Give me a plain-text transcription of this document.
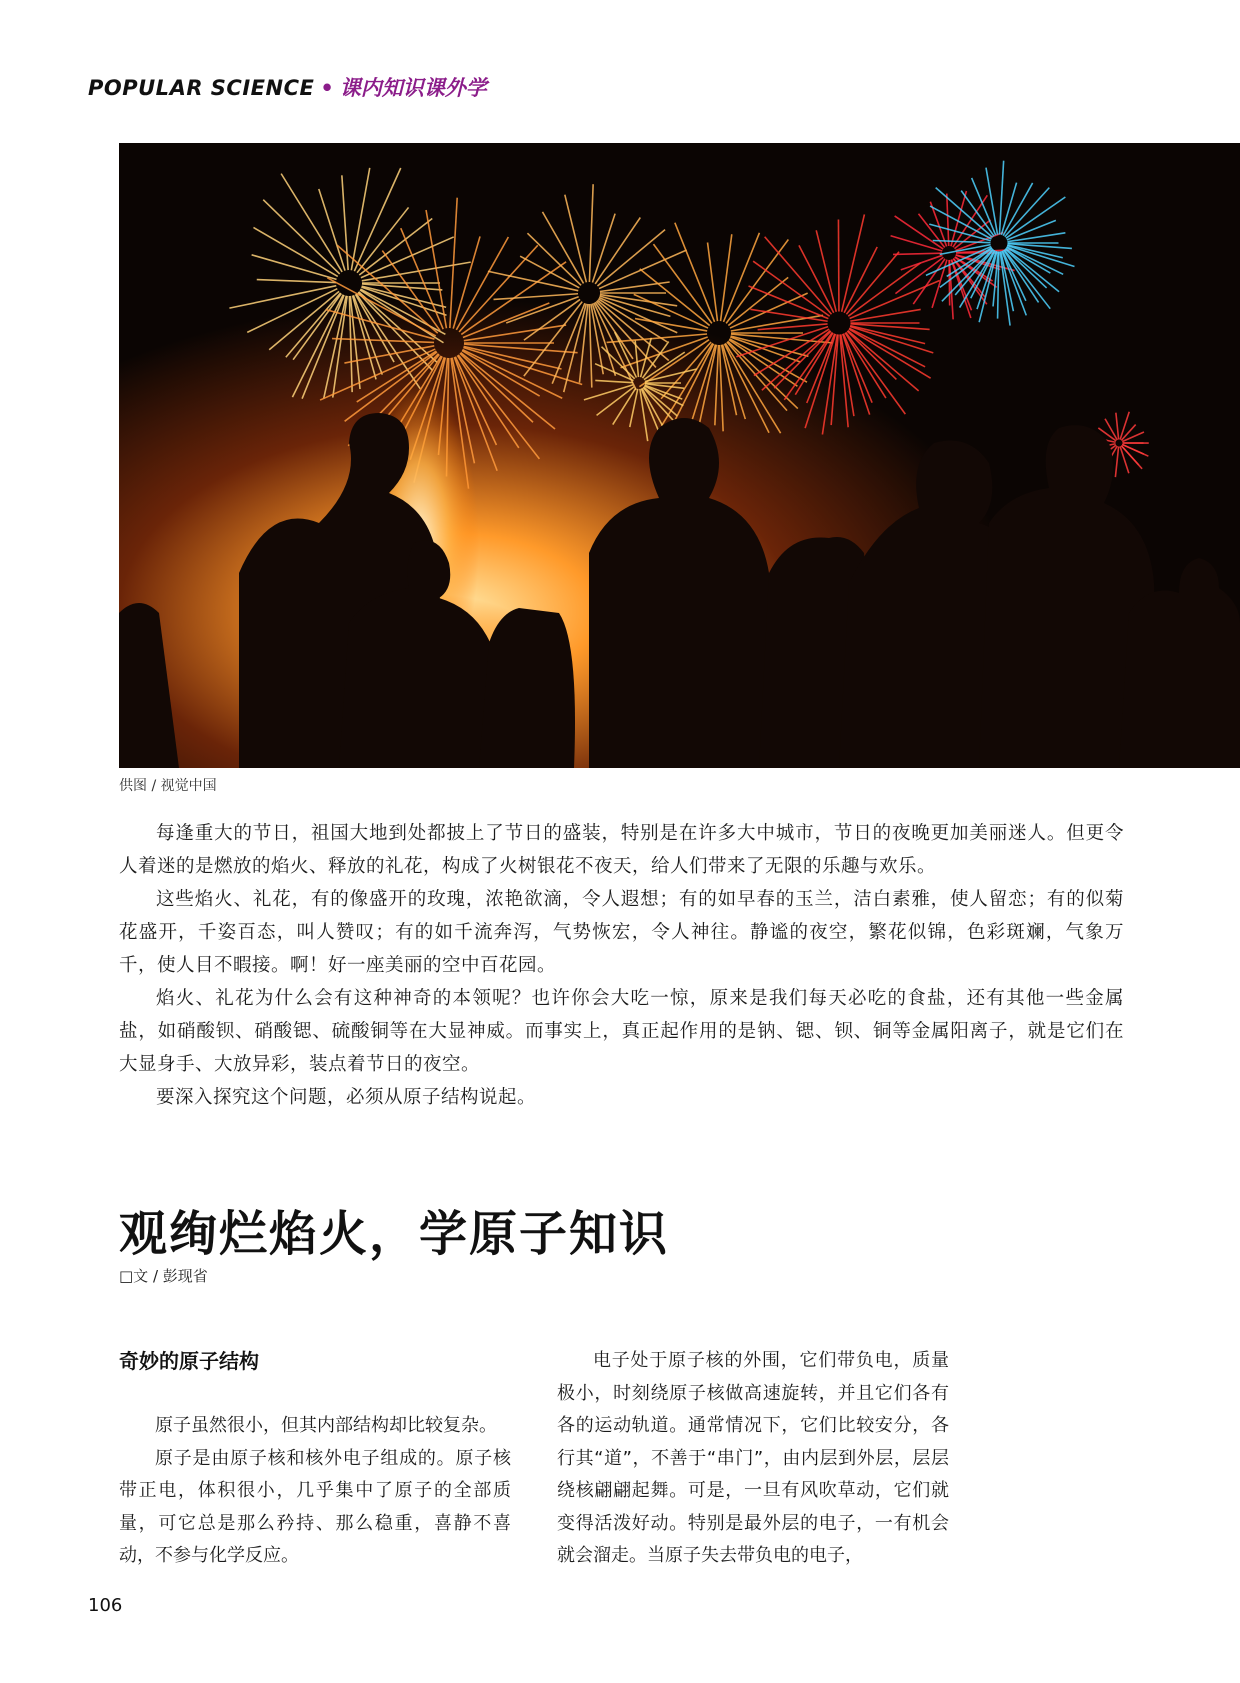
POPULAR SCIENCE • 课内知识课外学
供图 / 视觉中国

每逢重大的节日，祖国大地到处都披上了节日的盛装，特别是在许多大中城市，节日的夜晚更加美丽迷人。但更令人着迷的是燃放的焰火、释放的礼花，构成了火树银花不夜天，给人们带来了无限的乐趣与欢乐。

这些焰火、礼花，有的像盛开的玫瑰，浓艳欲滴，令人遐想；有的如早春的玉兰，洁白素雅，使人留恋；有的似菊花盛开，千姿百态，叫人赞叹；有的如千流奔泻，气势恢宏，令人神往。静谧的夜空，繁花似锦，色彩斑斓，气象万千，使人目不暇接。啊！好一座美丽的空中百花园。

焰火、礼花为什么会有这种神奇的本领呢？也许你会大吃一惊，原来是我们每天必吃的食盐，还有其他一些金属盐，如硝酸钡、硝酸锶、硫酸铜等在大显神威。而事实上，真正起作用的是钠、锶、钡、铜等金属阳离子，就是它们在大显身手、大放异彩，装点着节日的夜空。

要深入探究这个问题，必须从原子结构说起。

观绚烂焰火，学原子知识
□文 / 彭现省
奇妙的原子结构

原子虽然很小，但其内部结构却比较复杂。

原子是由原子核和核外电子组成的。原子核带正电，体积很小，几乎集中了原子的全部质量，可它总是那么矜持、那么稳重，喜静不喜动，不参与化学反应。

电子处于原子核的外围，它们带负电，质量极小，时刻绕原子核做高速旋转，并且它们各有各的运动轨道。通常情况下，它们比较安分，各行其“道”，不善于“串门”，由内层到外层，层层绕核翩翩起舞。可是，一旦有风吹草动，它们就变得活泼好动。特别是最外层的电子，一有机会就会溜走。当原子失去带负电的电子，

106
